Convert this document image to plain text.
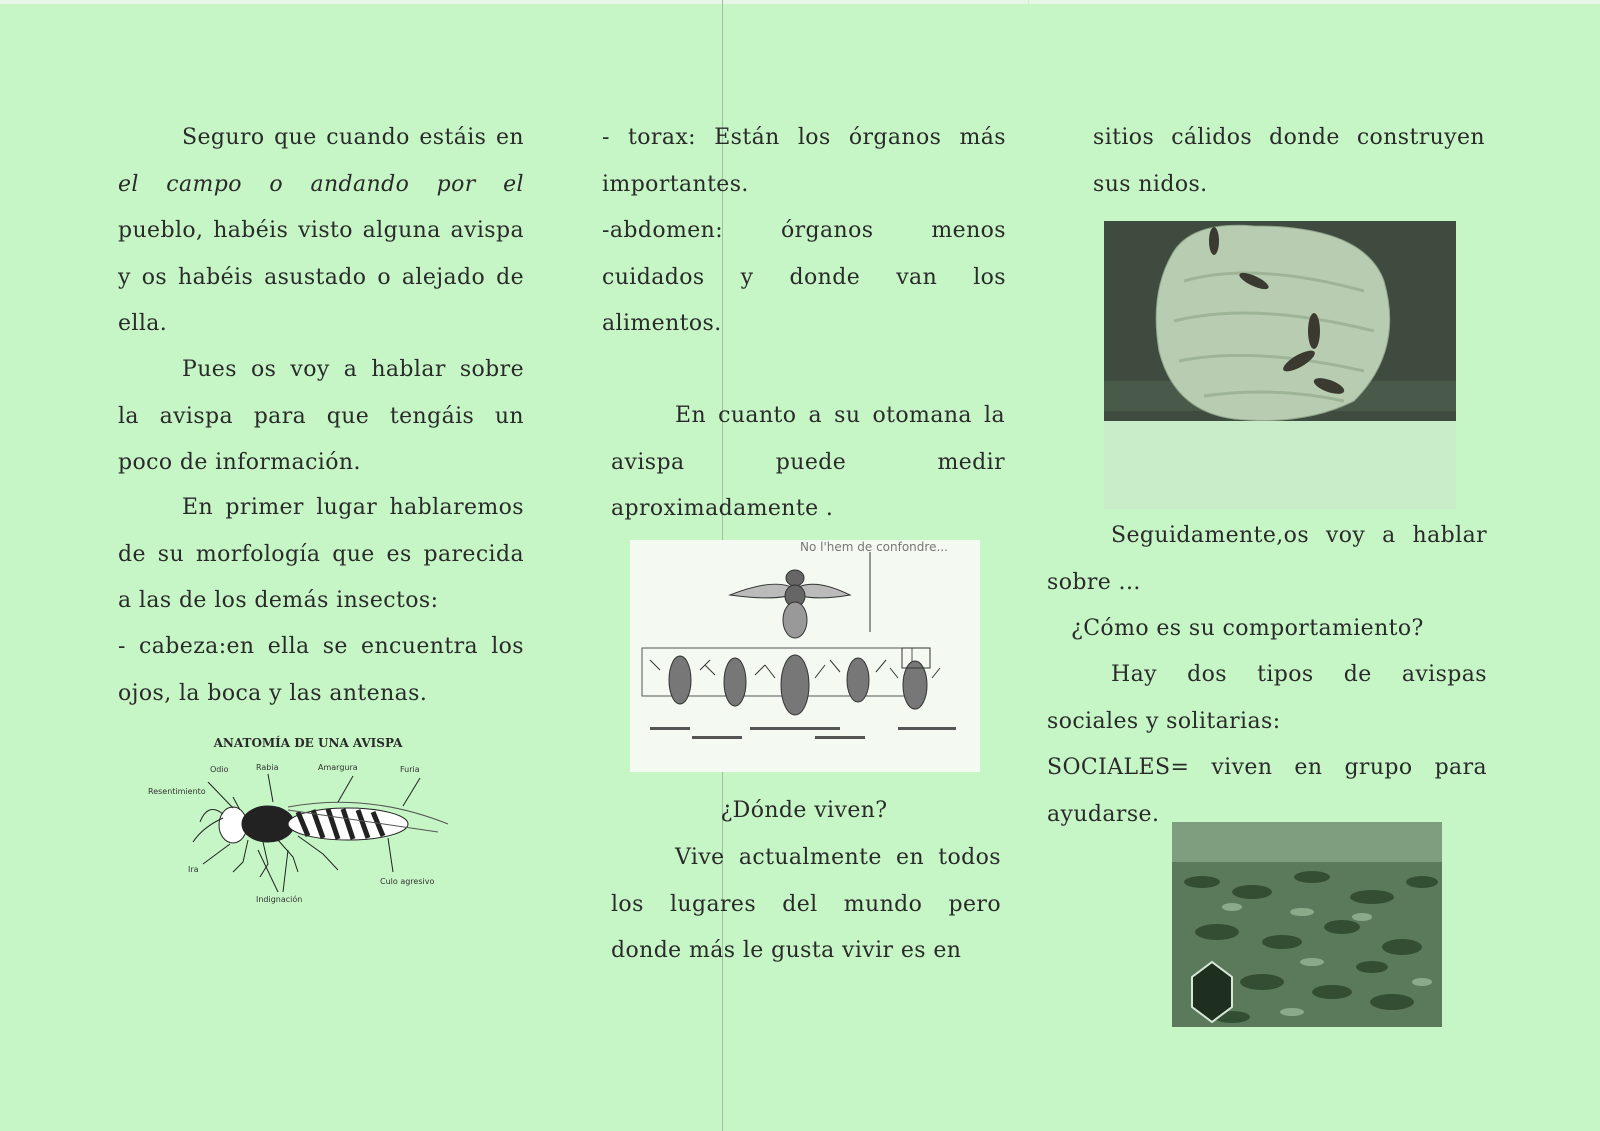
Seguro que cuando estáis en
el campo o andando por el
pueblo, habéis visto alguna avispa
y os habéis asustado o alejado de
ella.
Pues os voy a hablar sobre
la avispa para que tengáis un
poco de información.
En primer lugar hablaremos
de su morfología que es parecida
a las de los demás insectos:
- cabeza:en ella se encuentra los
ojos, la boca y las antenas.
ANATOMÍA DE UNA AVISPA
Odio	Rabia	Amargura	Furia
Resentimiento
Ira
Indignación
Culo agresivo
- torax: Están los órganos más
importantes.
-abdomen: órganos menos
cuidados y donde van los
alimentos.
En cuanto a su otomana la
avispa puede medir
aproximadamente .
No l'hem de confondre...
¿Dónde viven?
Vive actualmente en todos
los lugares del mundo pero
donde más le gusta vivir es en
sitios cálidos donde construyen
sus nidos.
Seguidamente,os voy a hablar
sobre ...
¿Cómo es su comportamiento?
Hay dos tipos de avispas
sociales y solitarias:
SOCIALES= viven en grupo para
ayudarse.
